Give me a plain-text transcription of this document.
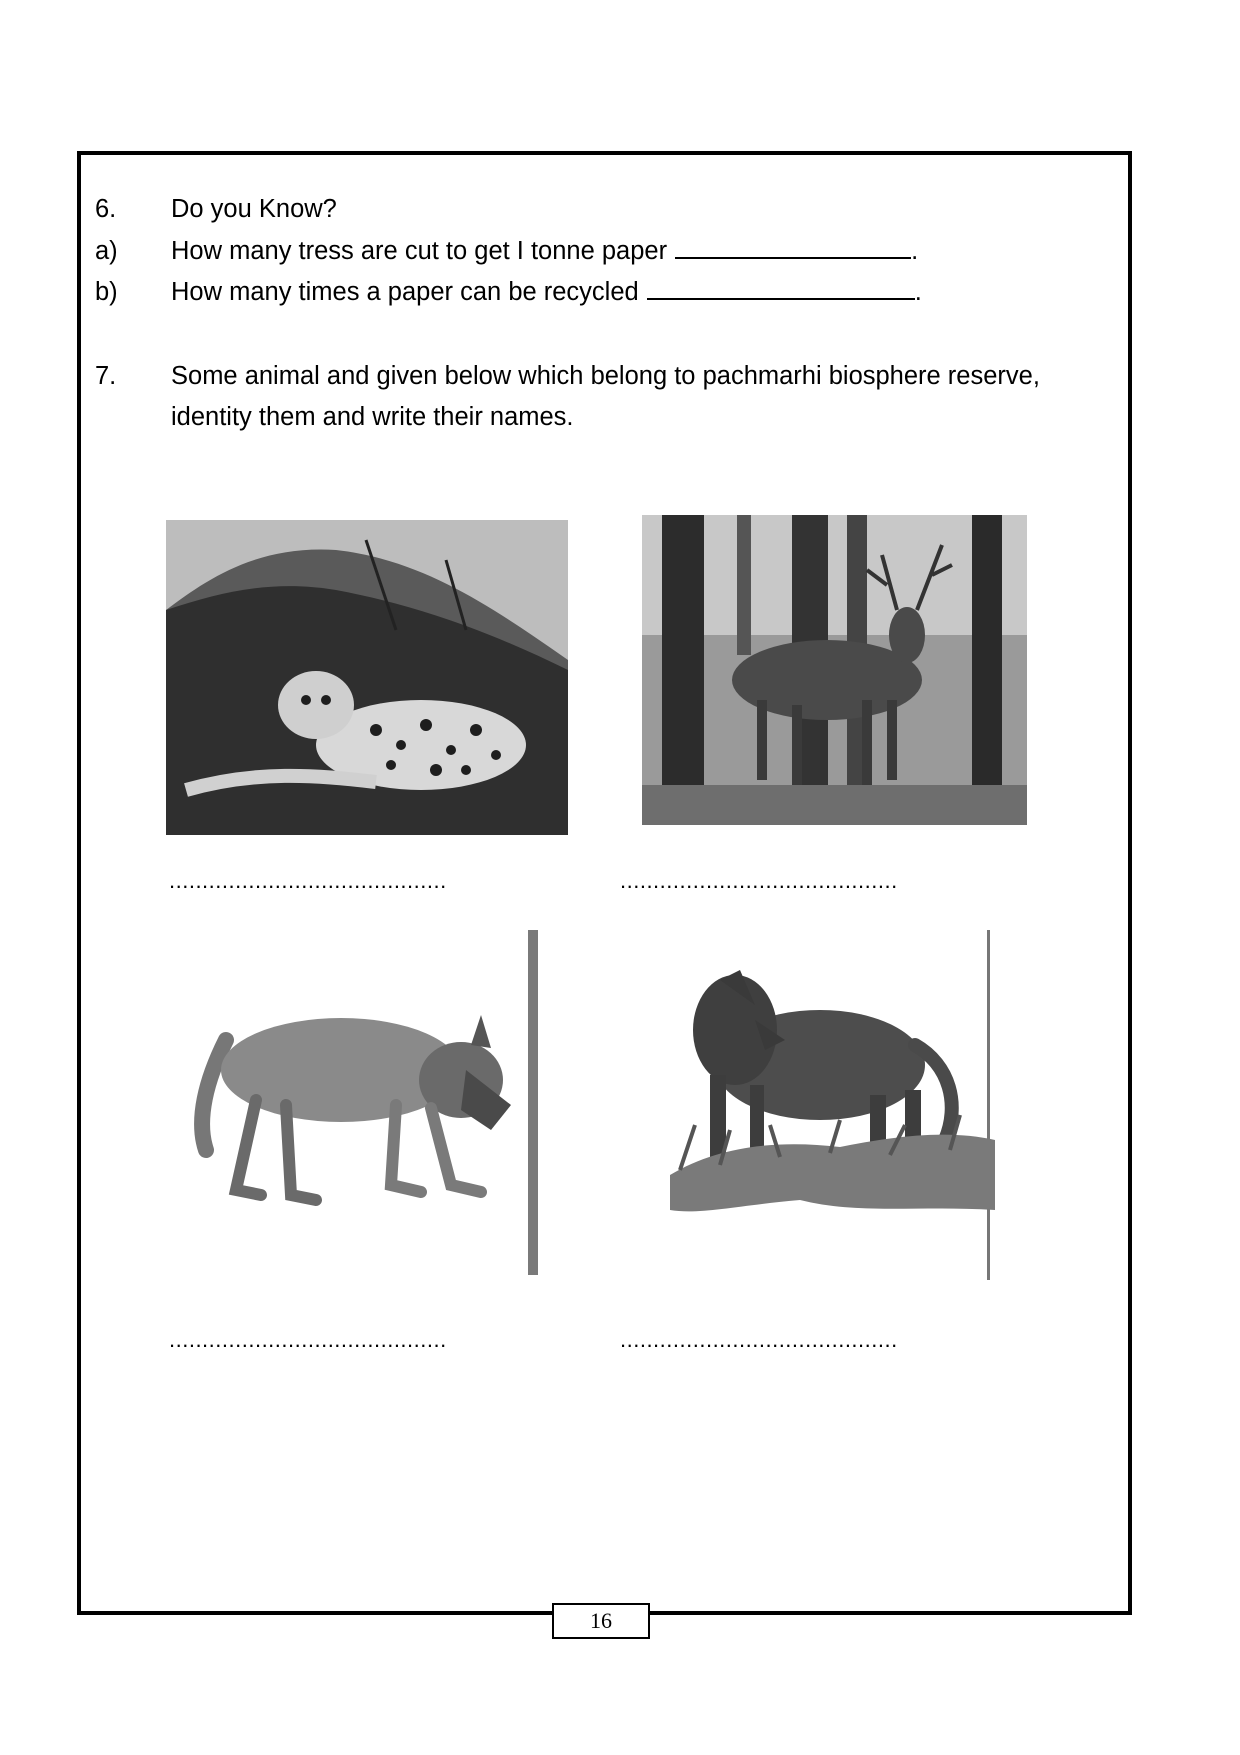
6. Do you Know?
a) How many tress are cut to get I tonne paper	.
b) How many times a paper can be recycled	.
7. Some animal and given below which belong to pachmarhi biosphere reserve,
identity them and write their names.
..........................................	..........................................
..........................................	..........................................
16
